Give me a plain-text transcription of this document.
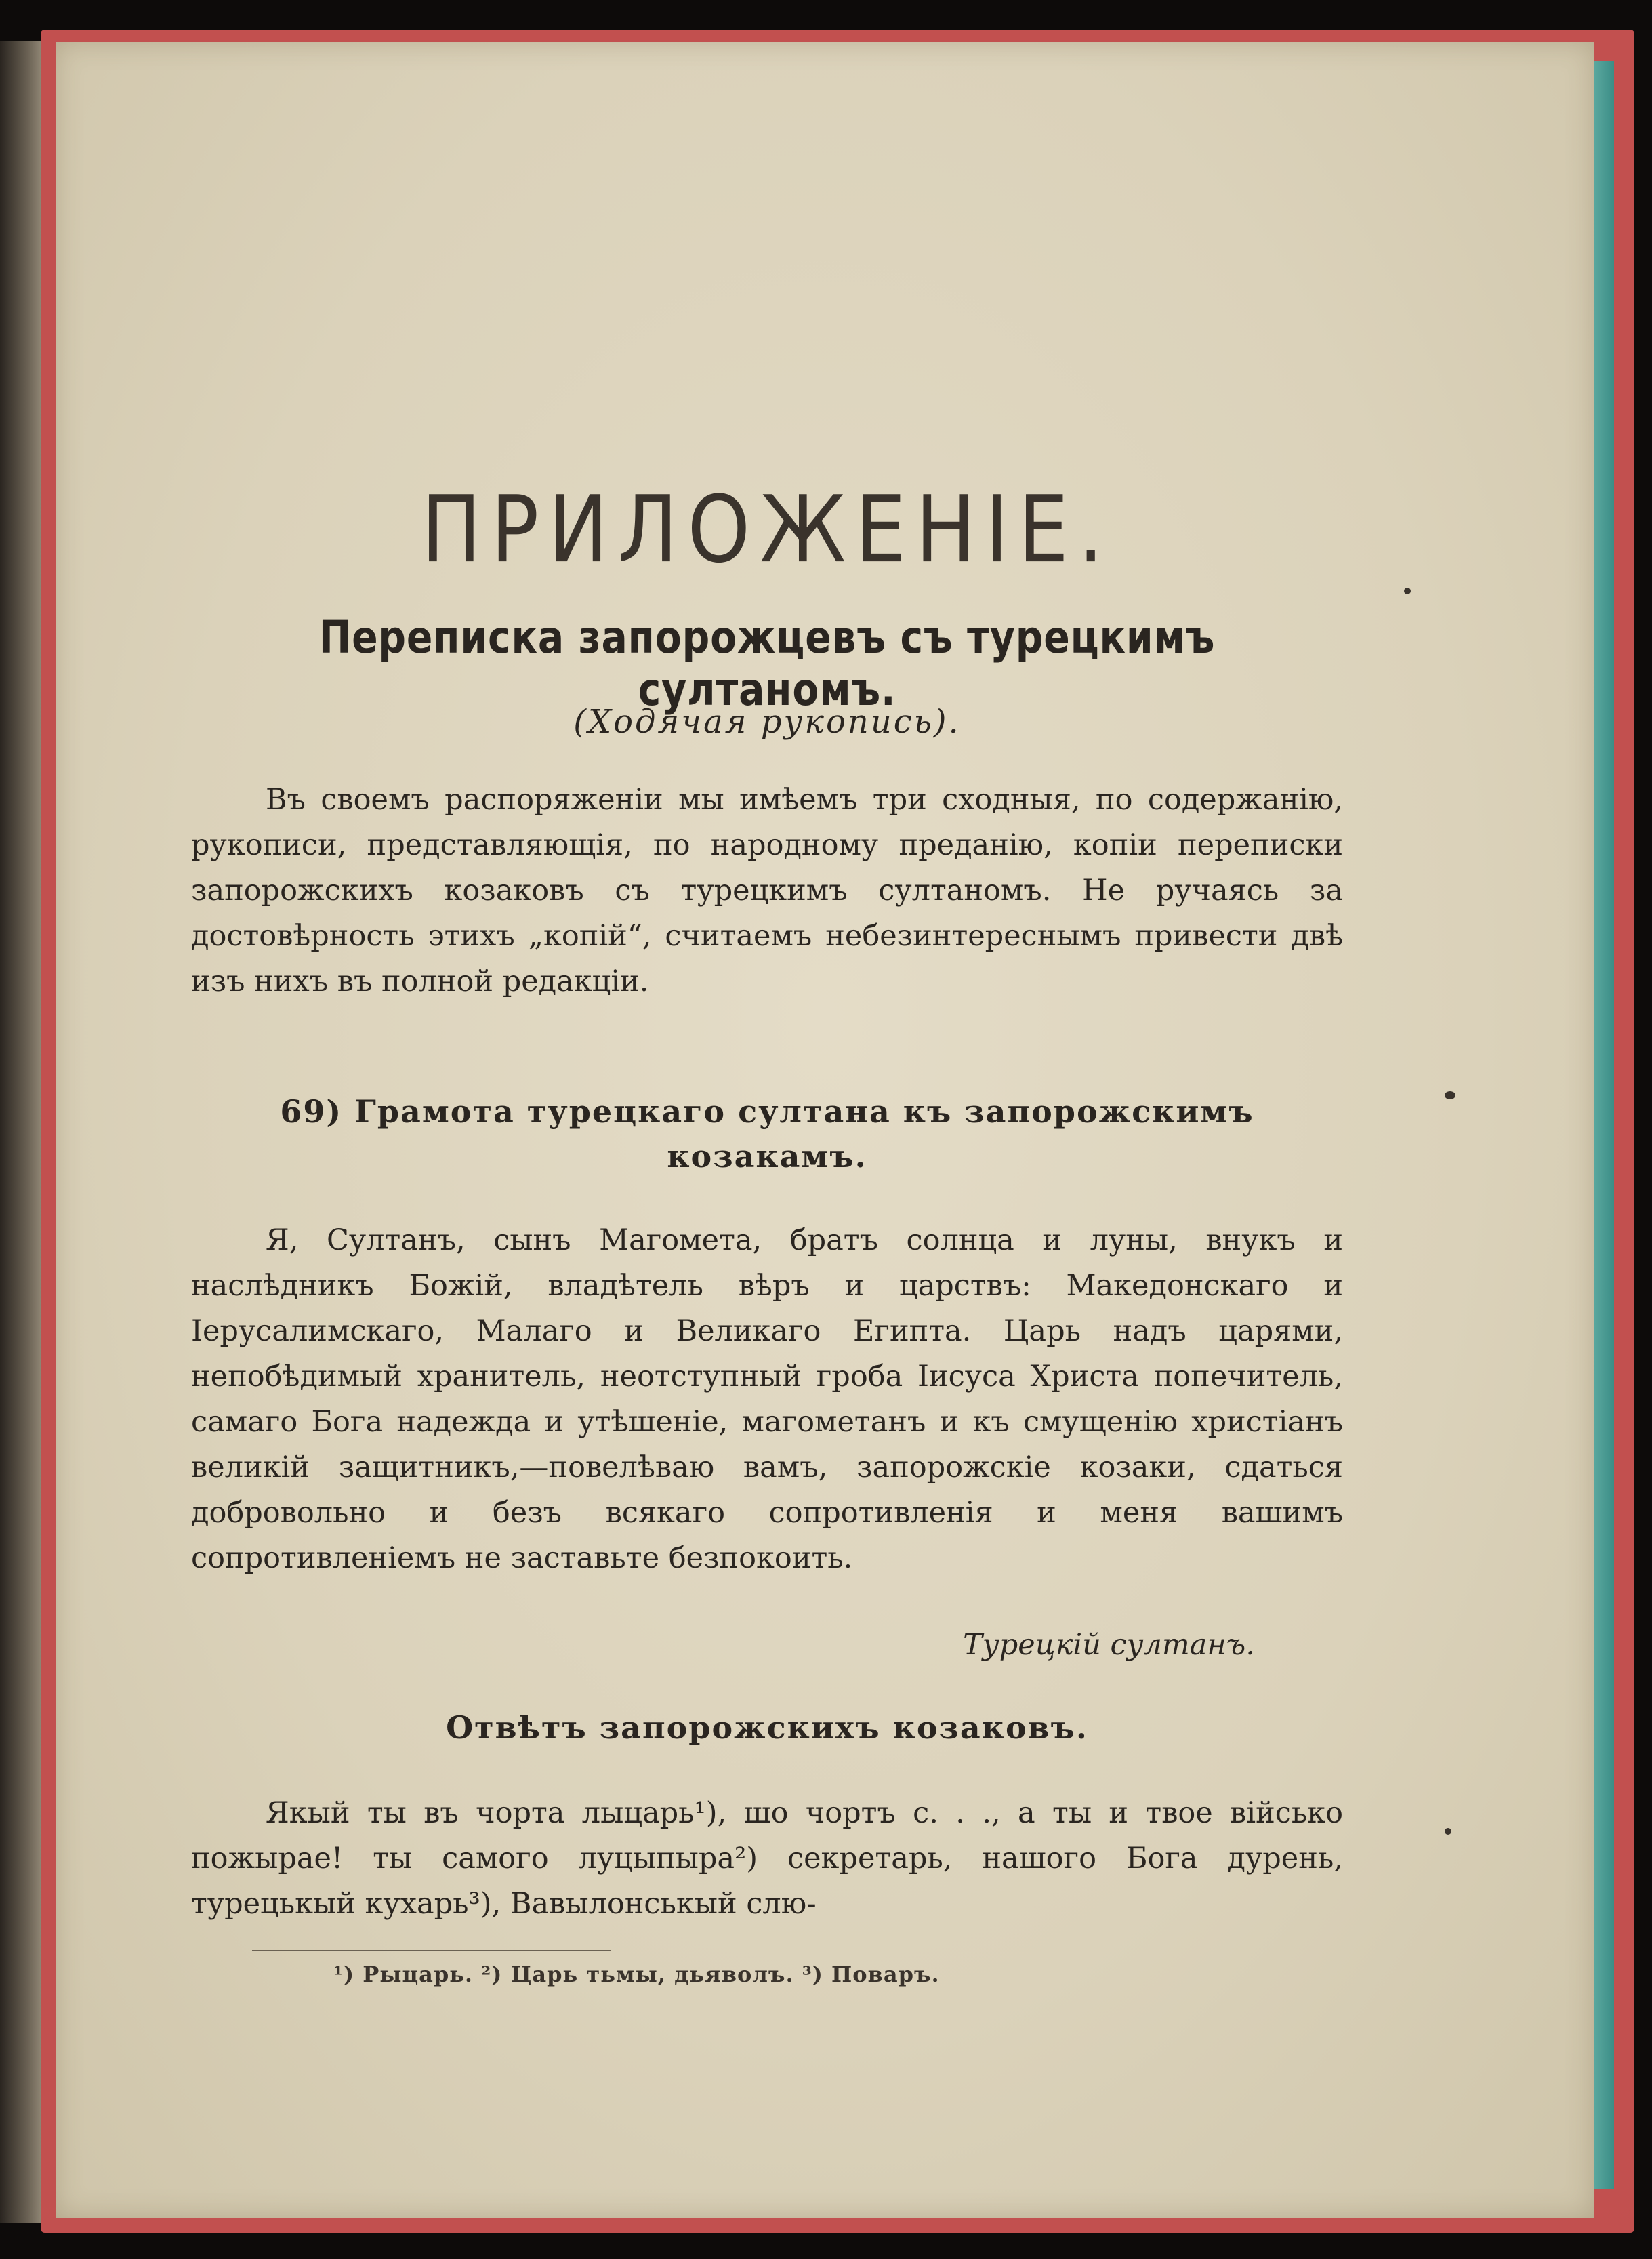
ПРИЛОЖЕНІЕ.
Переписка запорожцевъ съ турецкимъ султаномъ.

(Ходячая рукопись).

Въ своемъ распоряженіи мы имѣемъ три сходныя, по содержанію, рукописи, представляющія, по народному преданію, копіи переписки запорожскихъ козаковъ съ турецкимъ султаномъ. Не ручаясь за достовѣрность этихъ „копій“, считаемъ небезинтереснымъ привести двѣ изъ нихъ въ полной редакціи.

69) Грамота турецкаго султана къ запорожскимъ козакамъ.

Я, Султанъ, сынъ Магомета, братъ солнца и луны, внукъ и наслѣдникъ Божій, владѣтель вѣръ и царствъ: Македонскаго и Іерусалимскаго, Малаго и Великаго Египта. Царь надъ царями, непобѣдимый хранитель, неотступный гроба Іисуса Христа попечитель, самаго Бога надежда и утѣшеніе, магометанъ и къ смущенію христіанъ великій защитникъ,—повелѣваю вамъ, запорожскіе козаки, сдаться добровольно и безъ всякаго сопротивленія и меня вашимъ сопротивленіемъ не заставьте безпокоить.

Турецкій султанъ.

Отвѣтъ запорожскихъ козаковъ.

Якый ты въ чорта лыцарь¹), шо чортъ с. . ., а ты и твое військо пожырае! ты самого луцыпыра²) секретарь, нашого Бога дурень, турецькый кухарь³), Вавылонськый слю-

¹) Рыцарь. ²) Царь тьмы, дьяволъ. ³) Поваръ.
